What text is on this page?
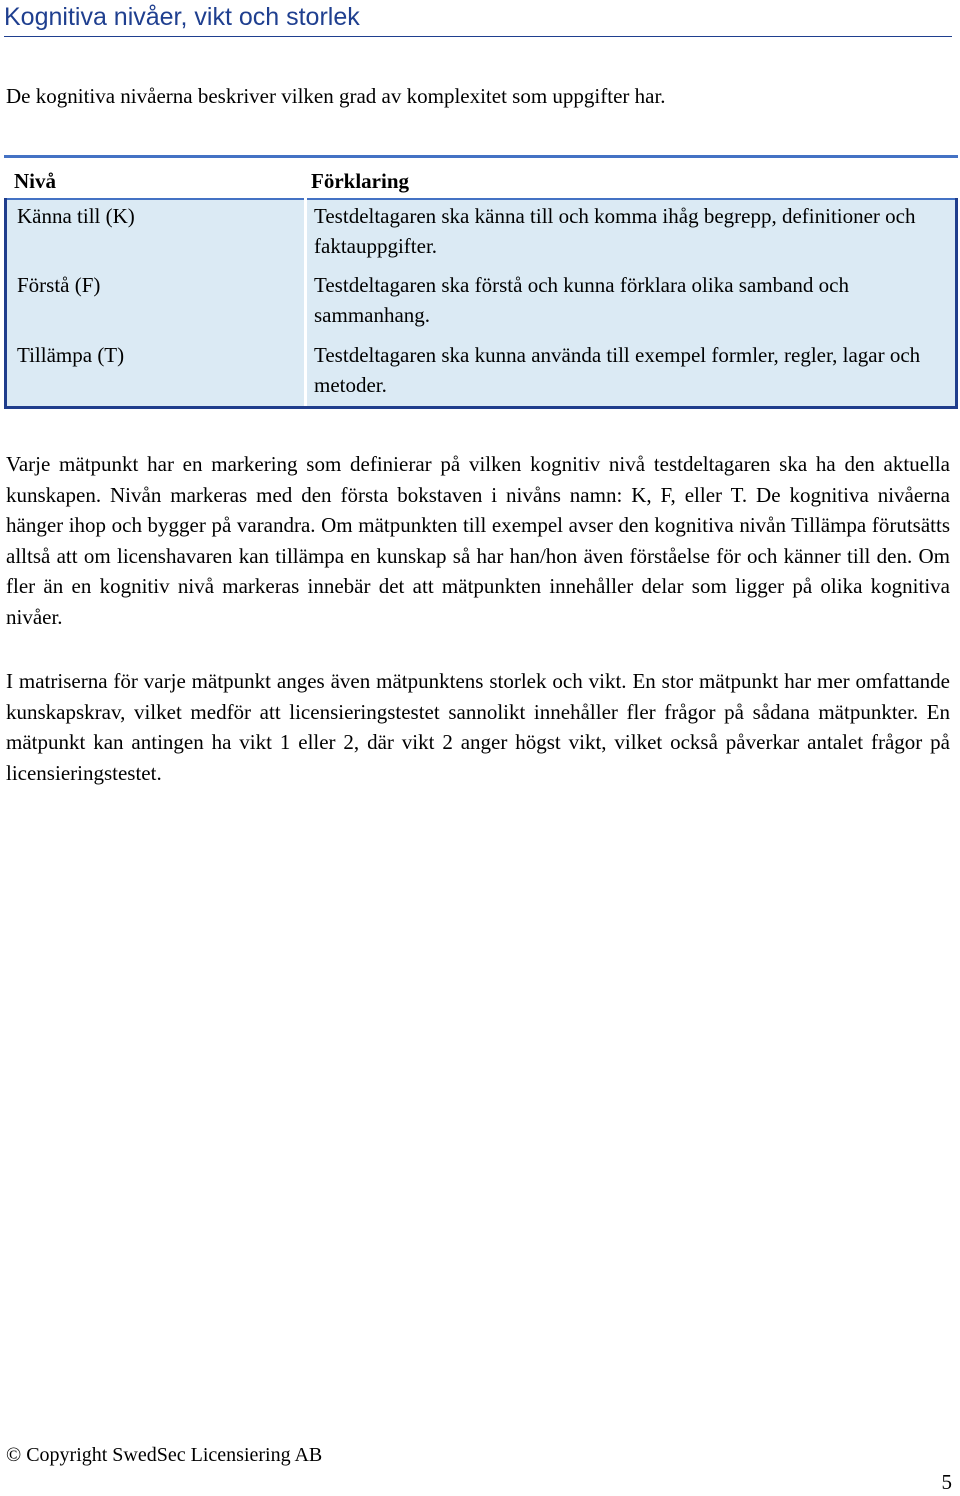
Kognitiva nivåer, vikt och storlek

De kognitiva nivåerna beskriver vilken grad av komplexitet som uppgifter har.

Nivå	Förklaring
Känna till (K)	Testdeltagaren ska känna till och komma ihåg begrepp, definitioner och faktauppgifter.
Förstå (F)	Testdeltagaren ska förstå och kunna förklara olika samband och sammanhang.
Tillämpa (T)	Testdeltagaren ska kunna använda till exempel formler, regler, lagar och metoder.

Varje mätpunkt har en markering som definierar på vilken kognitiv nivå testdeltagaren ska ha den aktuella kunskapen. Nivån markeras med den första bokstaven i nivåns namn: K, F, eller T. De kognitiva nivåerna hänger ihop och bygger på varandra. Om mätpunkten till exempel avser den kognitiva nivån Tillämpa förutsätts alltså att om licenshavaren kan tillämpa en kunskap så har han/hon även förståelse för och känner till den. Om fler än en kognitiv nivå markeras innebär det att mätpunkten innehåller delar som ligger på olika kognitiva nivåer.

I matriserna för varje mätpunkt anges även mätpunktens storlek och vikt. En stor mätpunkt har mer omfattande kunskapskrav, vilket medför att licensieringstestet sannolikt innehåller fler frågor på sådana mätpunkter. En mätpunkt kan antingen ha vikt 1 eller 2, där vikt 2 anger högst vikt, vilket också påverkar antalet frågor på licensieringstestet.

© Copyright SwedSec Licensiering AB
5
